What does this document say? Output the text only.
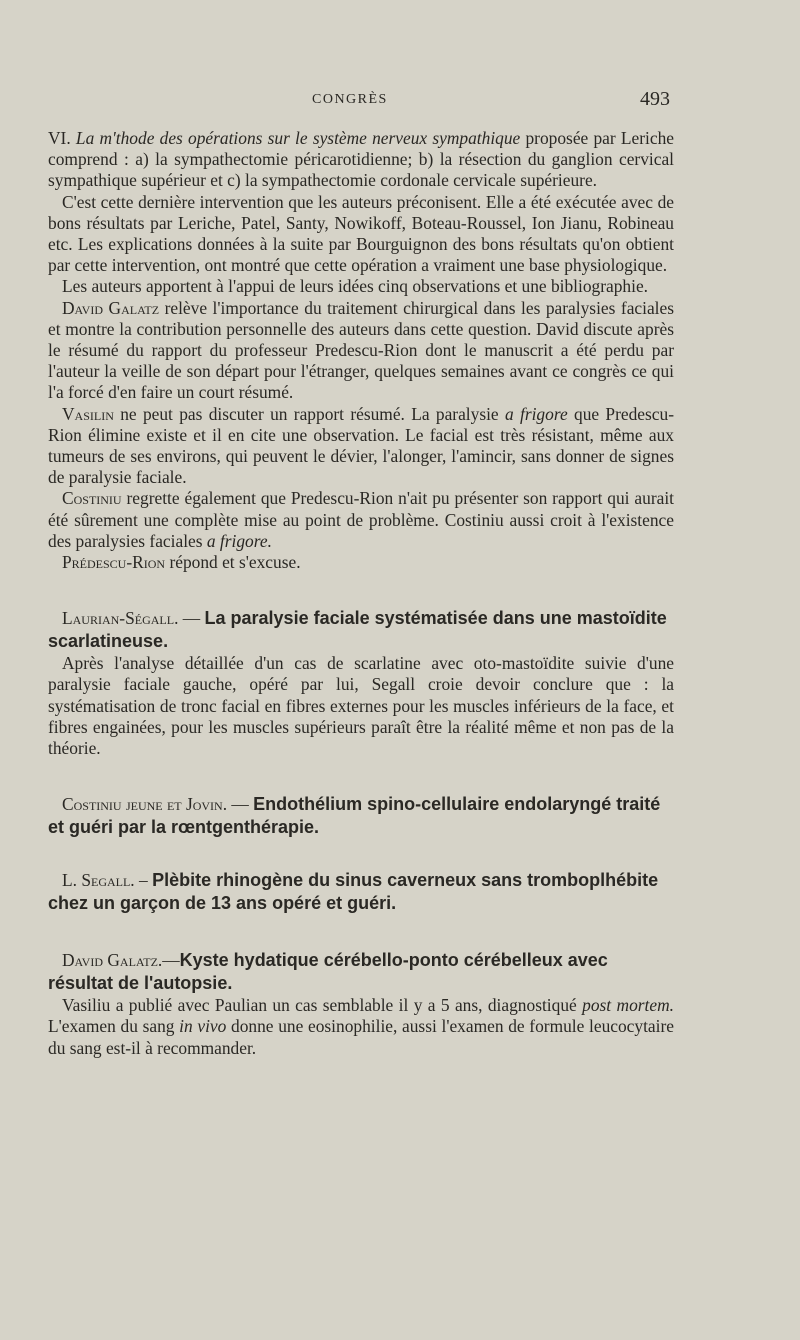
CONGRÈS	493

VI. La m'thode des opérations sur le système nerveux sympathique proposée par Leriche comprend : a) la sympathectomie péricarotidienne; b) la résection du ganglion cervical sympathique supérieur et c) la sympathectomie cordonale cervicale supérieure.

C'est cette dernière intervention que les auteurs préconisent. Elle a été exécutée avec de bons résultats par Leriche, Patel, Santy, Nowikoff, Boteau-Roussel, Ion Jianu, Robineau etc. Les explications données à la suite par Bourguignon des bons résultats qu'on obtient par cette intervention, ont montré que cette opération a vraiment une base physiologique.

Les auteurs apportent à l'appui de leurs idées cinq observations et une bibliographie.

David Galatz relève l'importance du traitement chirurgical dans les paralysies faciales et montre la contribution personnelle des auteurs dans cette question. David discute après le résumé du rapport du professeur Predescu-Rion dont le manuscrit a été perdu par l'auteur la veille de son départ pour l'étranger, quelques semaines avant ce congrès ce qui l'a forcé d'en faire un court résumé.

Vasilin ne peut pas discuter un rapport résumé. La paralysie a frigore que Predescu-Rion élimine existe et il en cite une observation. Le facial est très résistant, même aux tumeurs de ses environs, qui peuvent le dévier, l'alonger, l'amincir, sans donner de signes de paralysie faciale.

Costiniu regrette également que Predescu-Rion n'ait pu présenter son rapport qui aurait été sûrement une complète mise au point de problème. Costiniu aussi croit à l'existence des paralysies faciales a frigore.

Prédescu-Rion répond et s'excuse.

Laurian-Ségall. — La paralysie faciale systématisée dans une mastoïdite scarlatineuse.

Après l'analyse détaillée d'un cas de scarlatine avec oto-mastoïdite suivie d'une paralysie faciale gauche, opéré par lui, Segall croie devoir conclure que : la systématisation de tronc facial en fibres externes pour les muscles inférieurs de la face, et fibres engainées, pour les muscles supérieurs paraît être la réalité même et non pas de la théorie.

Costiniu jeune et Jovin. — Endothélium spino-cellulaire endolaryngé traité et guéri par la rœntgenthérapie.

L. Segall. – Plèbite rhinogène du sinus caverneux sans tromboplhébite chez un garçon de 13 ans opéré et guéri.

David Galatz.—Kyste hydatique cérébello-ponto cérébelleux avec résultat de l'autopsie.

Vasiliu a publié avec Paulian un cas semblable il y a 5 ans, diagnostiqué post mortem. L'examen du sang in vivo donne une eosinophilie, aussi l'examen de formule leucocytaire du sang est-il à recommander.
